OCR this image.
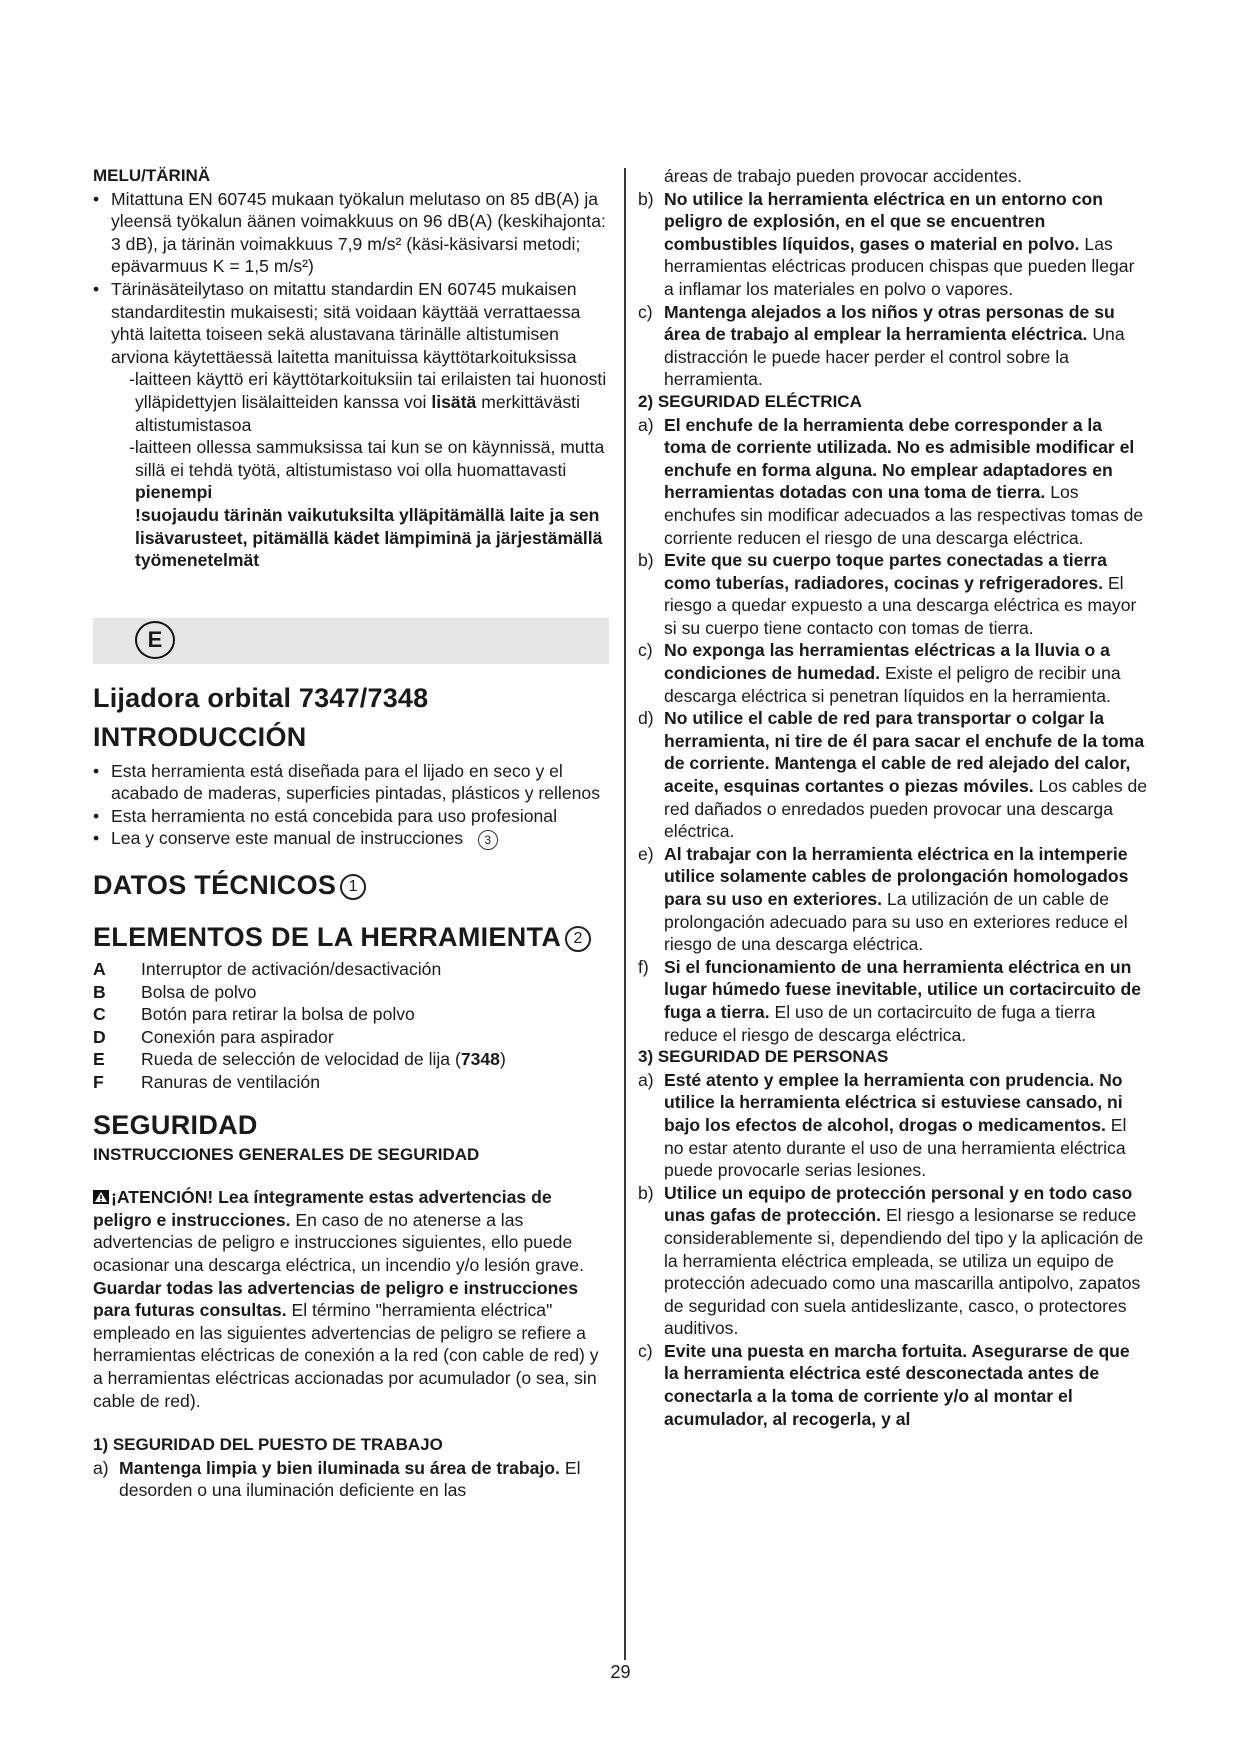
MELU/TÄRINÄ

• Mitattuna EN 60745 mukaan työkalun melutaso on 85 dB(A) ja yleensä työkalun äänen voimakkuus on 96 dB(A) (keskihajonta: 3 dB), ja tärinän voimakkuus 7,9 m/s² (käsi-käsivarsi metodi; epävarmuus K = 1,5 m/s²)
• Tärinäsäteilytaso on mitattu standardin EN 60745 mukaisen standarditestin mukaisesti; sitä voidaan käyttää verrattaessa yhtä laitetta toiseen sekä alustavana tärinälle altistumisen arviona käytettäessä laitetta manituissa käyttötarkoituksissa
-laitteen käyttö eri käyttötarkoituksiin tai erilaisten tai huonosti ylläpidettyjen lisälaitteiden kanssa voi lisätä merkittävästi altistumistasoa
-laitteen ollessa sammuksissa tai kun se on käynnissä, mutta sillä ei tehdä työtä, altistumistaso voi olla huomattavasti pienempi
!suojaudu tärinän vaikutuksilta ylläpitämällä laite ja sen lisävarusteet, pitämällä kädet lämpiminä ja järjestämällä työmenetelmät
E
Lijadora orbital 7347/7348
INTRODUCCIÓN
• Esta herramienta está diseñada para el lijado en seco y el acabado de maderas, superficies pintadas, plásticos y rellenos
• Esta herramienta no está concebida para uso profesional
• Lea y conserve este manual de instrucciones 3
DATOS TÉCNICOS 1
ELEMENTOS DE LA HERRAMIENTA 2
A	Interruptor de activación/desactivación
B	Bolsa de polvo
C	Botón para retirar la bolsa de polvo
D	Conexión para aspirador
E	Rueda de selección de velocidad de lija (7348)
F	Ranuras de ventilación
SEGURIDAD

INSTRUCCIONES GENERALES DE SEGURIDAD

¡ATENCIÓN! Lea íntegramente estas advertencias de peligro e instrucciones. En caso de no atenerse a las advertencias de peligro e instrucciones siguientes, ello puede ocasionar una descarga eléctrica, un incendio y/o lesión grave. Guardar todas las advertencias de peligro e instrucciones para futuras consultas. El término "herramienta eléctrica" empleado en las siguientes advertencias de peligro se refiere a herramientas eléctricas de conexión a la red (con cable de red) y a herramientas eléctricas accionadas por acumulador (o sea, sin cable de red).

1) SEGURIDAD DEL PUESTO DE TRABAJO

a) Mantenga limpia y bien iluminada su área de trabajo. El desorden o una iluminación deficiente en las
áreas de trabajo pueden provocar accidentes.
b) No utilice la herramienta eléctrica en un entorno con peligro de explosión, en el que se encuentren combustibles líquidos, gases o material en polvo. Las herramientas eléctricas producen chispas que pueden llegar a inflamar los materiales en polvo o vapores.
c) Mantenga alejados a los niños y otras personas de su área de trabajo al emplear la herramienta eléctrica. Una distracción le puede hacer perder el control sobre la herramienta.

2) SEGURIDAD ELÉCTRICA

a) El enchufe de la herramienta debe corresponder a la toma de corriente utilizada. No es admisible modificar el enchufe en forma alguna. No emplear adaptadores en herramientas dotadas con una toma de tierra. Los enchufes sin modificar adecuados a las respectivas tomas de corriente reducen el riesgo de una descarga eléctrica.
b) Evite que su cuerpo toque partes conectadas a tierra como tuberías, radiadores, cocinas y refrigeradores. El riesgo a quedar expuesto a una descarga eléctrica es mayor si su cuerpo tiene contacto con tomas de tierra.
c) No exponga las herramientas eléctricas a la lluvia o a condiciones de humedad. Existe el peligro de recibir una descarga eléctrica si penetran líquidos en la herramienta.
d) No utilice el cable de red para transportar o colgar la herramienta, ni tire de él para sacar el enchufe de la toma de corriente. Mantenga el cable de red alejado del calor, aceite, esquinas cortantes o piezas móviles. Los cables de red dañados o enredados pueden provocar una descarga eléctrica.
e) Al trabajar con la herramienta eléctrica en la intemperie utilice solamente cables de prolongación homologados para su uso en exteriores. La utilización de un cable de prolongación adecuado para su uso en exteriores reduce el riesgo de una descarga eléctrica.
f) Si el funcionamiento de una herramienta eléctrica en un lugar húmedo fuese inevitable, utilice un cortacircuito de fuga a tierra. El uso de un cortacircuito de fuga a tierra reduce el riesgo de descarga eléctrica.

3) SEGURIDAD DE PERSONAS

a) Esté atento y emplee la herramienta con prudencia. No utilice la herramienta eléctrica si estuviese cansado, ni bajo los efectos de alcohol, drogas o medicamentos. El no estar atento durante el uso de una herramienta eléctrica puede provocarle serias lesiones.
b) Utilice un equipo de protección personal y en todo caso unas gafas de protección. El riesgo a lesionarse se reduce considerablemente si, dependiendo del tipo y la aplicación de la herramienta eléctrica empleada, se utiliza un equipo de protección adecuado como una mascarilla antipolvo, zapatos de seguridad con suela antideslizante, casco, o protectores auditivos.
c) Evite una puesta en marcha fortuita. Asegurarse de que la herramienta eléctrica esté desconectada antes de conectarla a la toma de corriente y/o al montar el acumulador, al recogerla, y al
29
